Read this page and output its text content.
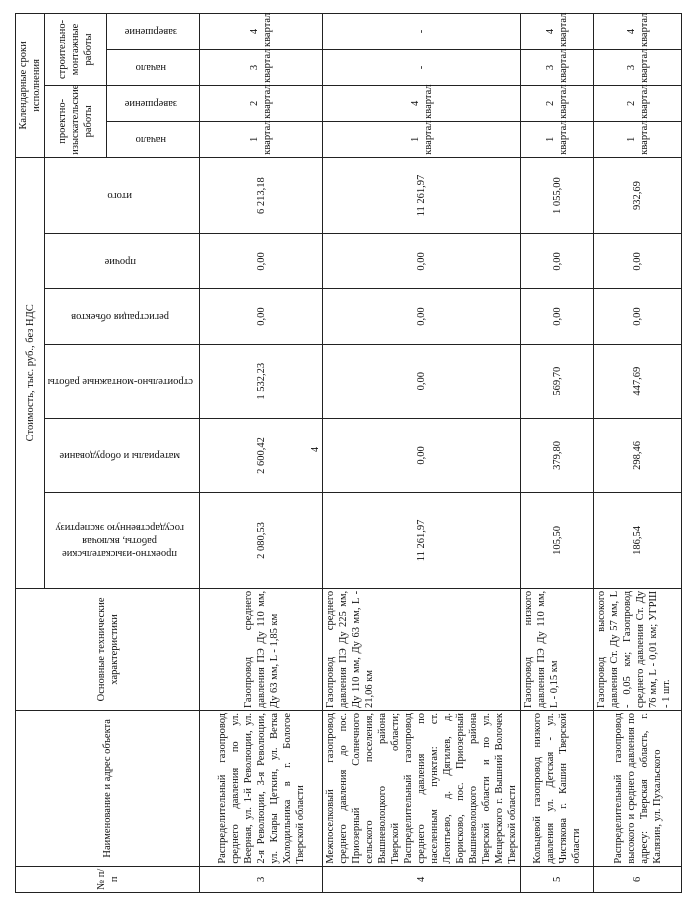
4
№ п/п	Наименование и адрес объекта	Основные технические характеристики	Стоимость, тыс. руб., без НДС						Календарные сроки исполнения			
			проектно-изыскательские работы, включая государственную экспертизу	материалы и оборудование	строительно-монтажные работы	регистрация объектов	прочие	итого	проектно-изыскательские работы		строительно-монтажные работы	
									начало	завершение	начало	завершение
3	Распределительный газопровод среднего давления по ул. Веерная, ул. 1-й Революции, ул. 2-я Революции, 3-я Революции, ул. Клары Цеткин, ул. Ветка Холодильника в г. Бологое Тверской области	Газопровод среднего давления ПЭ Ду 110 мм, Ду 63 мм, L - 1,85 км	2 080,53	2 600,42	1 532,23	0,00	0,00	6 213,18	1 квартал	2 квартал	3 квартал	4 квартал
4	Межпоселковый газопровод среднего давления до пос. Приозерный Солнечного сельского поселения, Вышневолоцкого района Тверской области; Распределительный газопровод среднего давления по населенным пунктам: ст. Леонтьево, д. Дягилев, д. Борисково, пос. Приозерный Вышневолоцкого района Тверской области и по ул. Мещерского г. Вышний Волочек Тверской области	Газопровод среднего давления ПЭ Ду 225 мм, Ду 110 мм, Ду 63 мм, L - 21,06 км	11 261,97	0,00	0,00	0,00	0,00	11 261,97	1 квартал	4 квартал	-	-
5	Кольцевой газопровод низкого давления ул. Детская - ул. Чистякова г. Кашин Тверской области	Газопровод низкого давления ПЭ Ду 110 мм, L - 0,15 км	105,50	379,80	569,70	0,00	0,00	1 055,00	1 квартал	2 квартал	3 квартал	4 квартал
6	Распределительный газопровод высокого и среднего давления по адресу: Тверская область, г. Калязин, ул. Пухальского	Газопровод высокого давления Ст. Ду 57 мм, L - 0,05 км; Газопровод среднего давления Ст. Ду 76 мм, L - 0,01 км; УГРШ - 1 шт.	186,54	298,46	447,69	0,00	0,00	932,69	1 квартал	2 квартал	3 квартал	4 квартал
